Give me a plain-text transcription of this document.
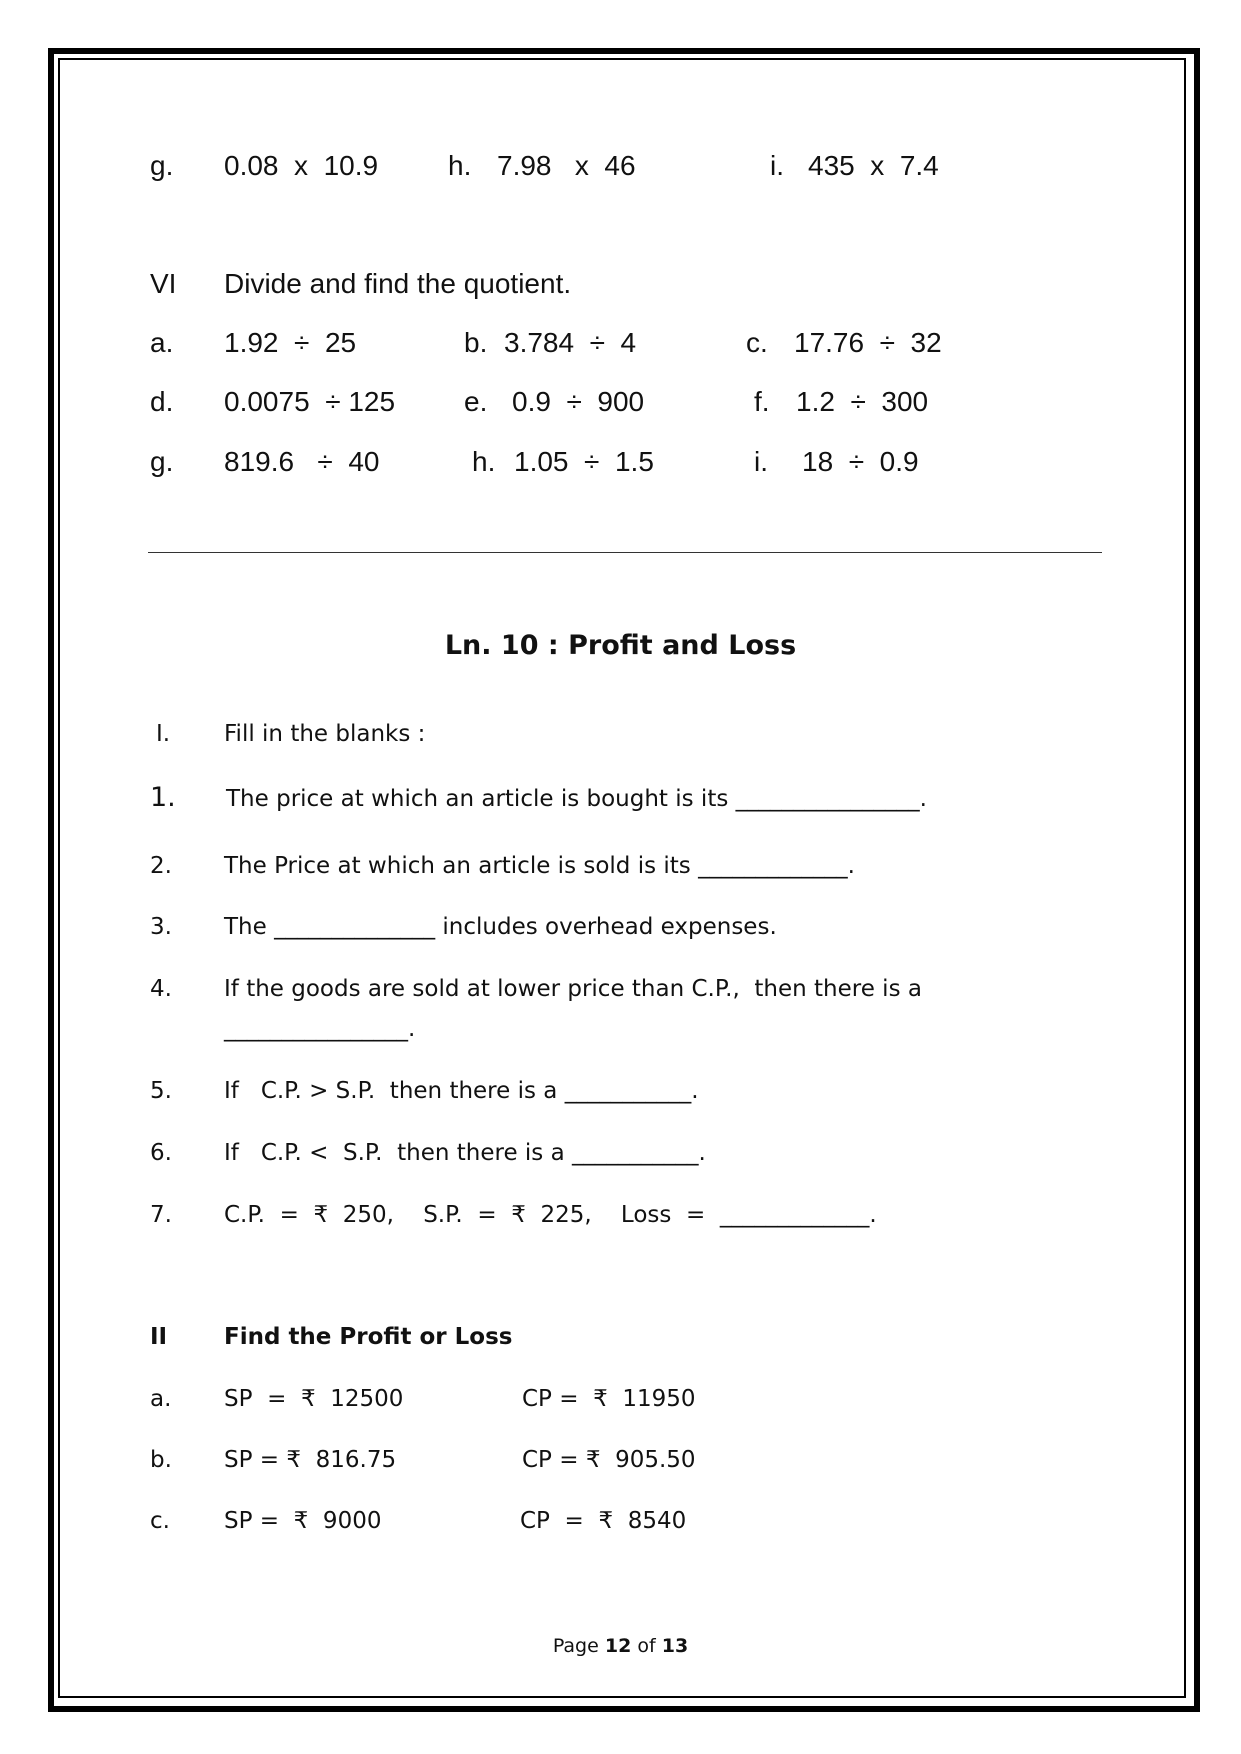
g. 0.08  x  10.9 h. 7.98   x  46	i. 435  x  7.4
VI Divide and find the quotient.
a. 1.92  ÷  25	b. 3.784  ÷  4	c. 17.76  ÷  32
d. 0.0075  ÷ 125 e. 0.9  ÷  900	f. 1.2  ÷  300
g. 819.6   ÷  40	h. 1.05  ÷  1.5	i. 18  ÷  0.9
Ln. 10 : Profit and Loss
I. Fill in the blanks :
1. The price at which an article is bought is its ________________.
2. The Price at which an article is sold is its _____________.
3. The ______________ includes overhead expenses.
4. If the goods are sold at lower price than C.P.,  then there is a
________________.
5. If   C.P. > S.P.  then there is a ___________.
6. If   C.P. <  S.P.  then there is a ___________.
7. C.P.  =  ₹  250,    S.P.  =  ₹  225,    Loss  =  _____________.
II Find the Profit or Loss
a. SP  =  ₹  12500	CP =  ₹  11950
b. SP = ₹  816.75	CP = ₹  905.50
c. SP =  ₹  9000	CP  =  ₹  8540
Page 12 of 13
